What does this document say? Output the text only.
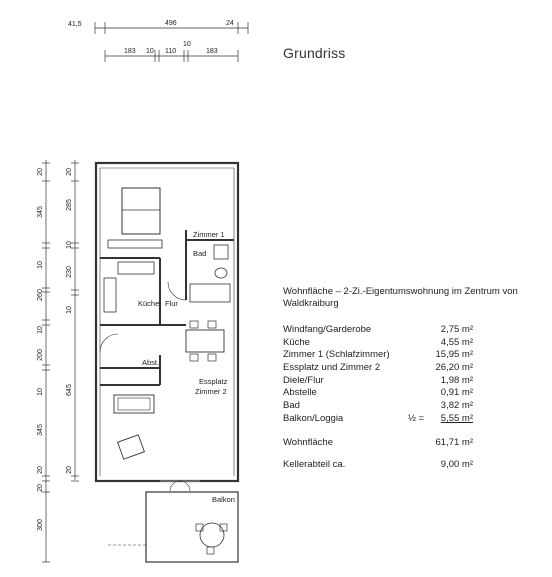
41,5	496	24
183 10 110
10
183
20
345
10
260
10
200
10
345
20
20
300
20
285
10
230
10
645
20
Zimmer 1
Bad
Küche Flur
Abst.
Essplatz
Zimmer 2
Balkon
Grundriss
Wohnfläche – 2-Zi.-Eigentumswohnung im Zentrum von Waldkraiburg
Windfang/Garderobe	2,75 m²
Küche	4,55 m²
Zimmer 1 (Schlafzimmer)	15,95 m²
Essplatz und Zimmer 2	26,20 m²
Diele/Flur	1,98 m²
Abstelle	0,91 m²
Bad	3,82 m²
Balkon/Loggia	½ = 5,55 m²
Wohnfläche	61,71 m²
Kellerabteil ca.	9,00 m²
